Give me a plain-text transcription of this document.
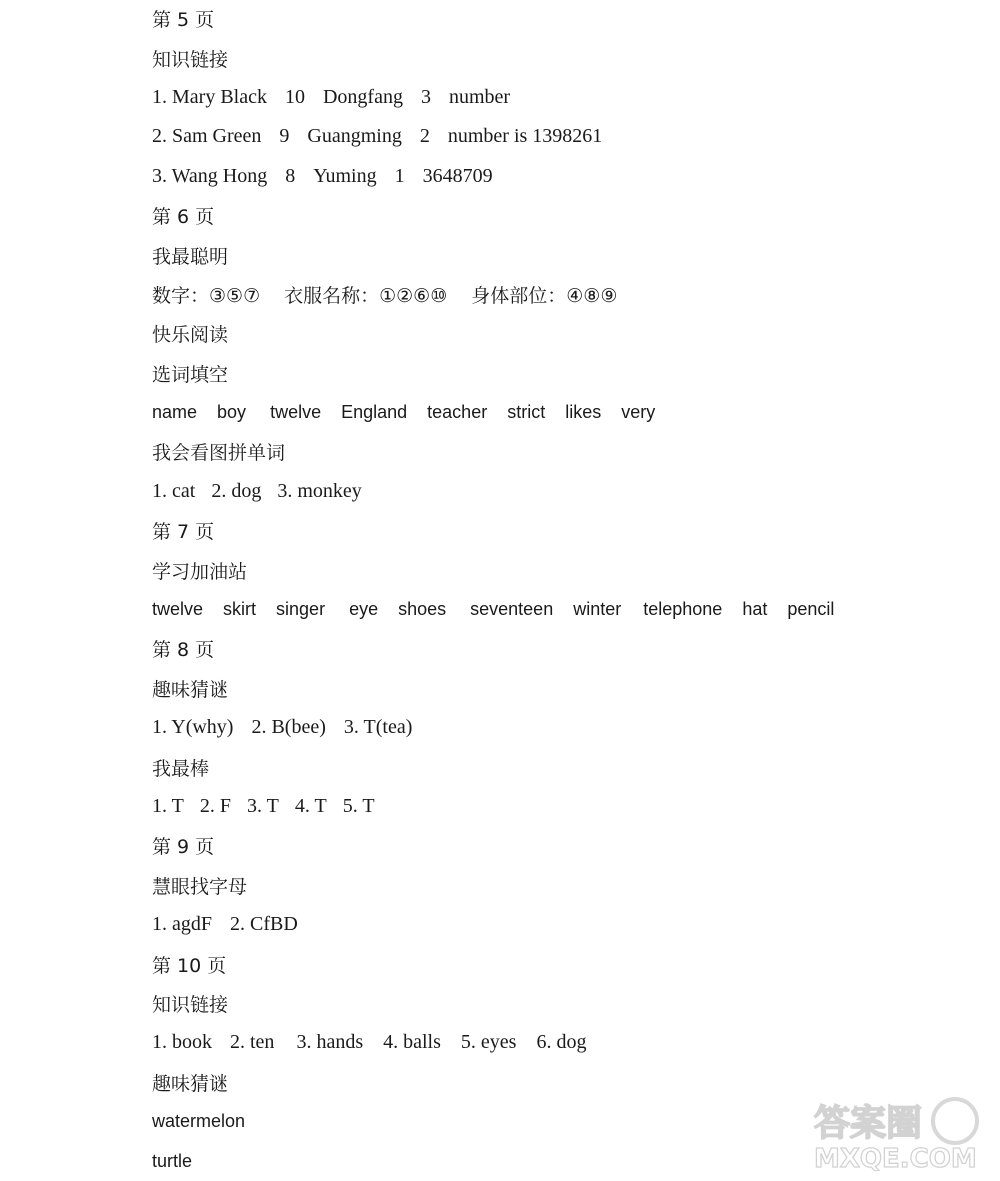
第 5 页
知识链接
1. Mary Black 10 Dongfang 3 number
2. Sam Green 9 Guangming 2 number is 1398261
3. Wang Hong 8 Yuming 1 3648709
第 6 页
我最聪明
数字：③⑤⑦ 衣服名称：①②⑥⑩ 身体部位：④⑧⑨
快乐阅读
选词填空
name boy twelve England teacher strict likes very
我会看图拼单词
1. cat 2. dog 3. monkey
第 7 页
学习加油站
twelve skirt singer eye shoes seventeen winter telephone hat pencil
第 8 页
趣味猜谜
1. Y(why) 2. B(bee) 3. T(tea)
我最棒
1. T 2. F 3. T 4. T 5. T
第 9 页
慧眼找字母
1. agdF 2. CfBD
第 10 页
知识链接
1. book 2. ten 3. hands 4. balls 5. eyes 6. dog
趣味猜谜
watermelon
turtle
答案圈
MXQE.COM
